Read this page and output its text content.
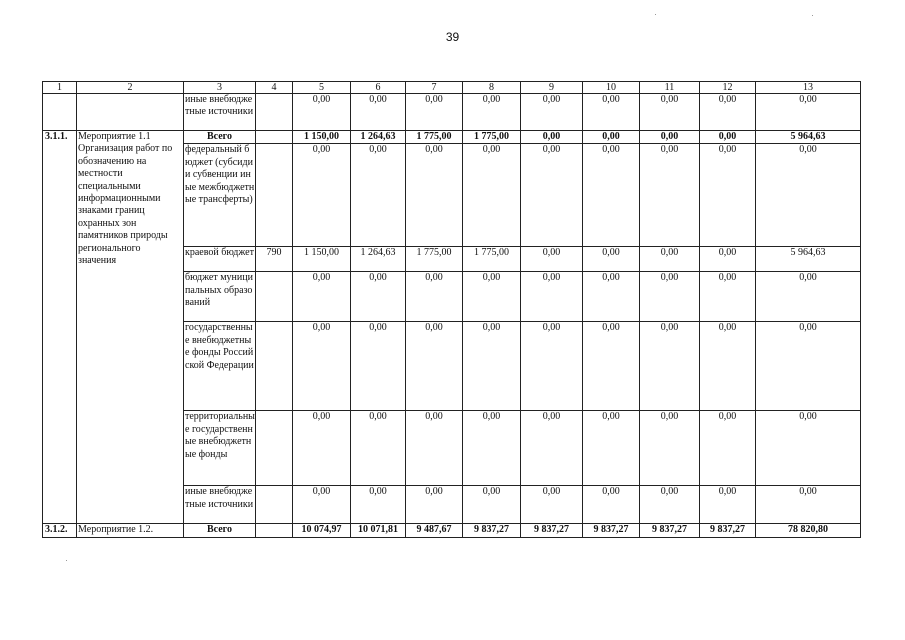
39
1	2	3	4	5	6	7	8	9	10	11	12	13
		иные внебюджетные источники		0,00	0,00	0,00	0,00	0,00	0,00	0,00	0,00	0,00
3.1.1.	Мероприятие 1.1 Организация работ по обозначению на местности специальными информационными знаками границ охранных зон памятников природы регионального значения	Всего		1 150,00	1 264,63	1 775,00	1 775,00	0,00	0,00	0,00	0,00	5 964,63
		федеральный бюджет (субсидии субвенции иные межбюджетные трансферты)		0,00	0,00	0,00	0,00	0,00	0,00	0,00	0,00	0,00
		краевой бюджет	790	1 150,00	1 264,63	1 775,00	1 775,00	0,00	0,00	0,00	0,00	5 964,63
		бюджет муниципальных образований		0,00	0,00	0,00	0,00	0,00	0,00	0,00	0,00	0,00
		государственные внебюджетные фонды Российской Федерации		0,00	0,00	0,00	0,00	0,00	0,00	0,00	0,00	0,00
		территориальные государственные внебюджетные фонды		0,00	0,00	0,00	0,00	0,00	0,00	0,00	0,00	0,00
		иные внебюджетные источники		0,00	0,00	0,00	0,00	0,00	0,00	0,00	0,00	0,00
3.1.2.	Мероприятие 1.2.	Всего		10 074,97	10 071,81	9 487,67	9 837,27	9 837,27	9 837,27	9 837,27	9 837,27	78 820,80
